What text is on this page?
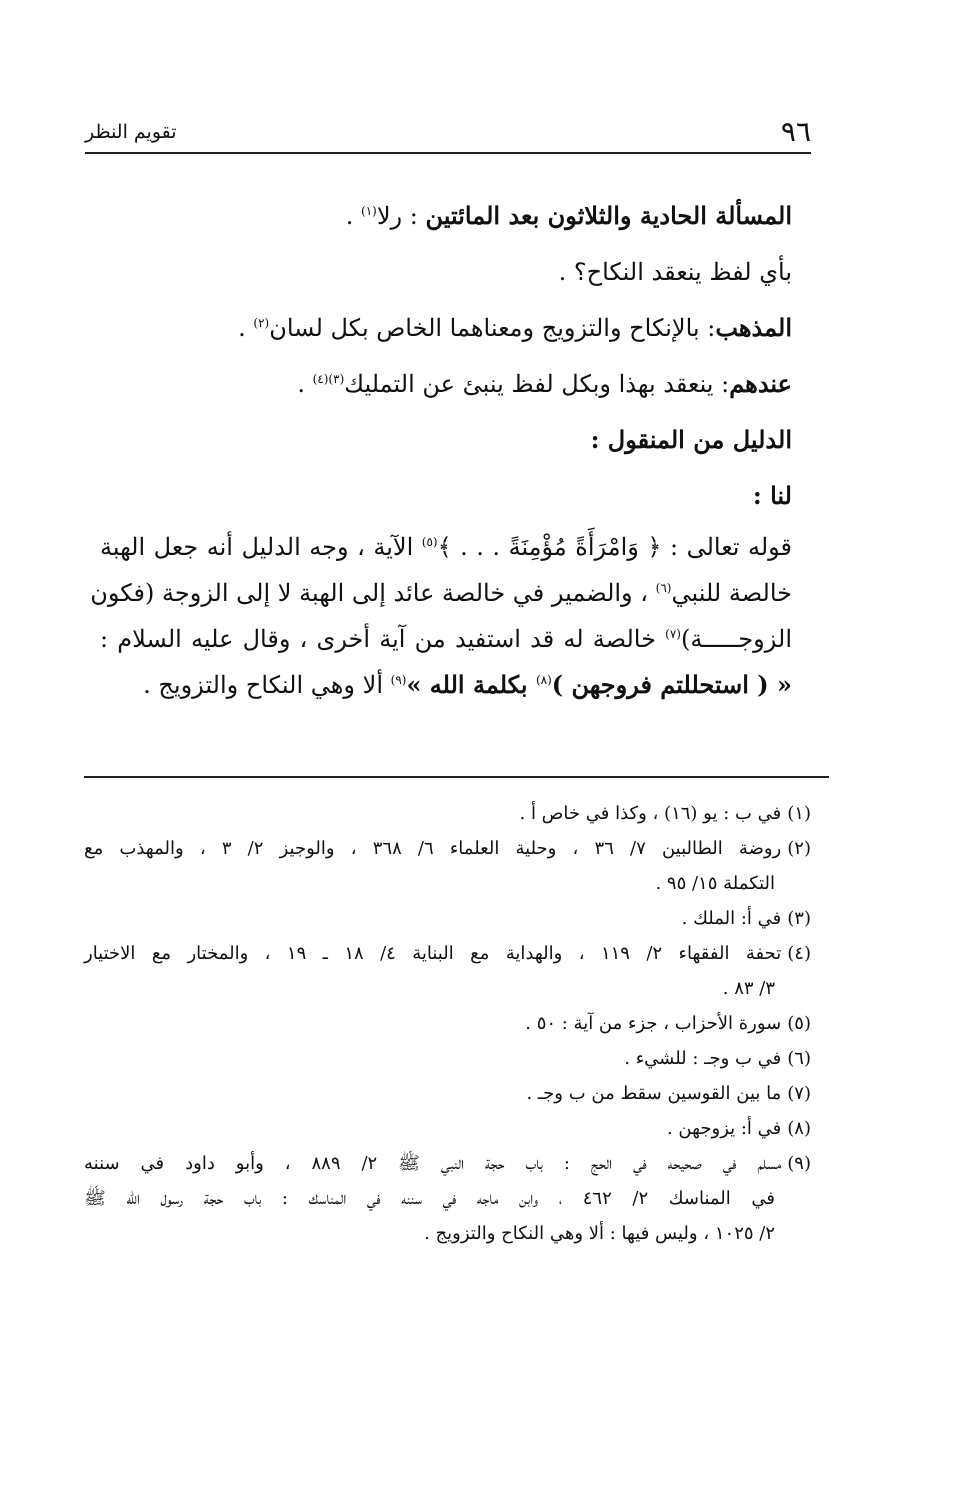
٩٦
تقويم النظر
المسألة الحادية والثلاثون بعد المائتين : رلا$^{(١)}$ .
بأي لفظ ينعقد النكاح؟ .
المذهب: بالإنكاح والتزويج ومعناهما الخاص بكل لسان$^{(٢)}$ .
عندهم: ينعقد بهذا وبكل لفظ ينبئ عن التمليك$^{(٣)(٤)}$ .
الدليل من المنقول :
لنا :
قوله تعالى : ﴿ وَامْرَأَةً مُؤْمِنَةً . . . ﴾$^{(٥)}$ الآية ، وجه الدليل أنه جعل الهبة
خالصة للنبي$^{(٦)}$ ، والضمير في خالصة عائد إلى الهبة لا إلى الزوجة (فكون
الزوجـــــة)$^{(٧)}$ خالصة له قد استفيد من آية أخرى ، وقال عليه السلام :
« ( استحللتم فروجهن )$^{(٨)}$ بكلمة الله »$^{(٩)}$ ألا وهي النكاح والتزويج .
(١)في ب : يو (١٦) ، وكذا في خاص أ .
(٢)روضة الطالبين ٧/ ٣٦ ، وحلية العلماء ٦/ ٣٦٨ ، والوجيز ٢/ ٣ ، والمهذب مع
التكملة ١٥/ ٩٥ .
(٣)في أ: الملك .
(٤)تحفة الفقهاء ٢/ ١١٩ ، والهداية مع البناية ٤/ ١٨ ـ ١٩ ، والمختار مع الاختيار
٣/ ٨٣ .
(٥)سورة الأحزاب ، جزء من آية : ٥٠ .
(٦)في ب وجـ : للشيء .
(٧)ما بين القوسين سقط من ب وجـ .
(٨)في أ: يزوجهن .
(٩)مسلم في صحيحه في الحج : باب حجة النبي ﷺ ٢/ ٨٨٩ ، وأبو داود في سننه
في المناسك ٢/ ٤٦٢ ، وابن ماجه في سننه في المناسك : باب حجة رسول الله ﷺ
٢/ ١٠٢٥ ، وليس فيها : ألا وهي النكاح والتزويج .
